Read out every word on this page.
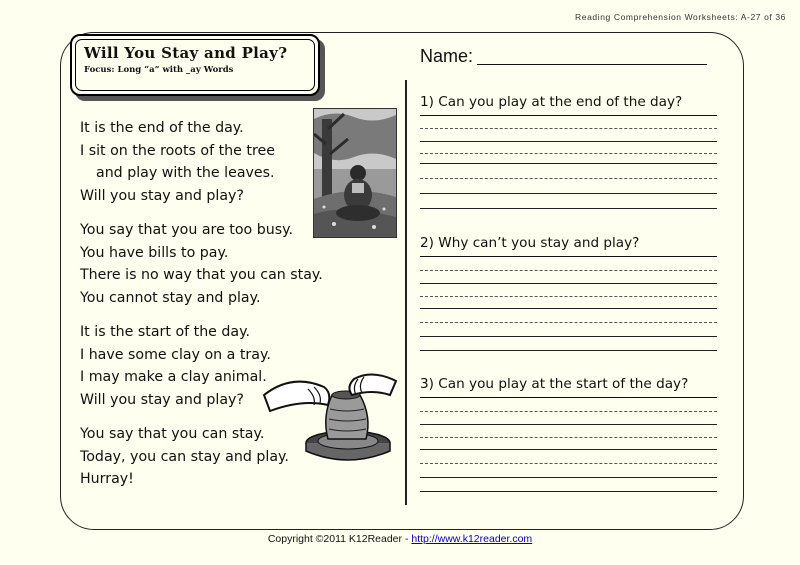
Reading Comprehension Worksheets: A-27 of 36
Will You Stay and Play?
Focus: Long “a” with _ay Words
It is the end of the day.
I sit on the roots of the tree
and play with the leaves.
Will you stay and play?
You say that you are too busy.
You have bills to pay.
There is no way that you can stay.
You cannot stay and play.
It is the start of the day.
I have some clay on a tray.
I may make a clay animal.
Will you stay and play?
You say that you can stay.
Today, you can stay and play.
Hurray!
Name:
1) Can you play at the end of the day?
2) Why can’t you stay and play?
3) Can you play at the start of the day?
Copyright ©2011 K12Reader - http://www.k12reader.com
